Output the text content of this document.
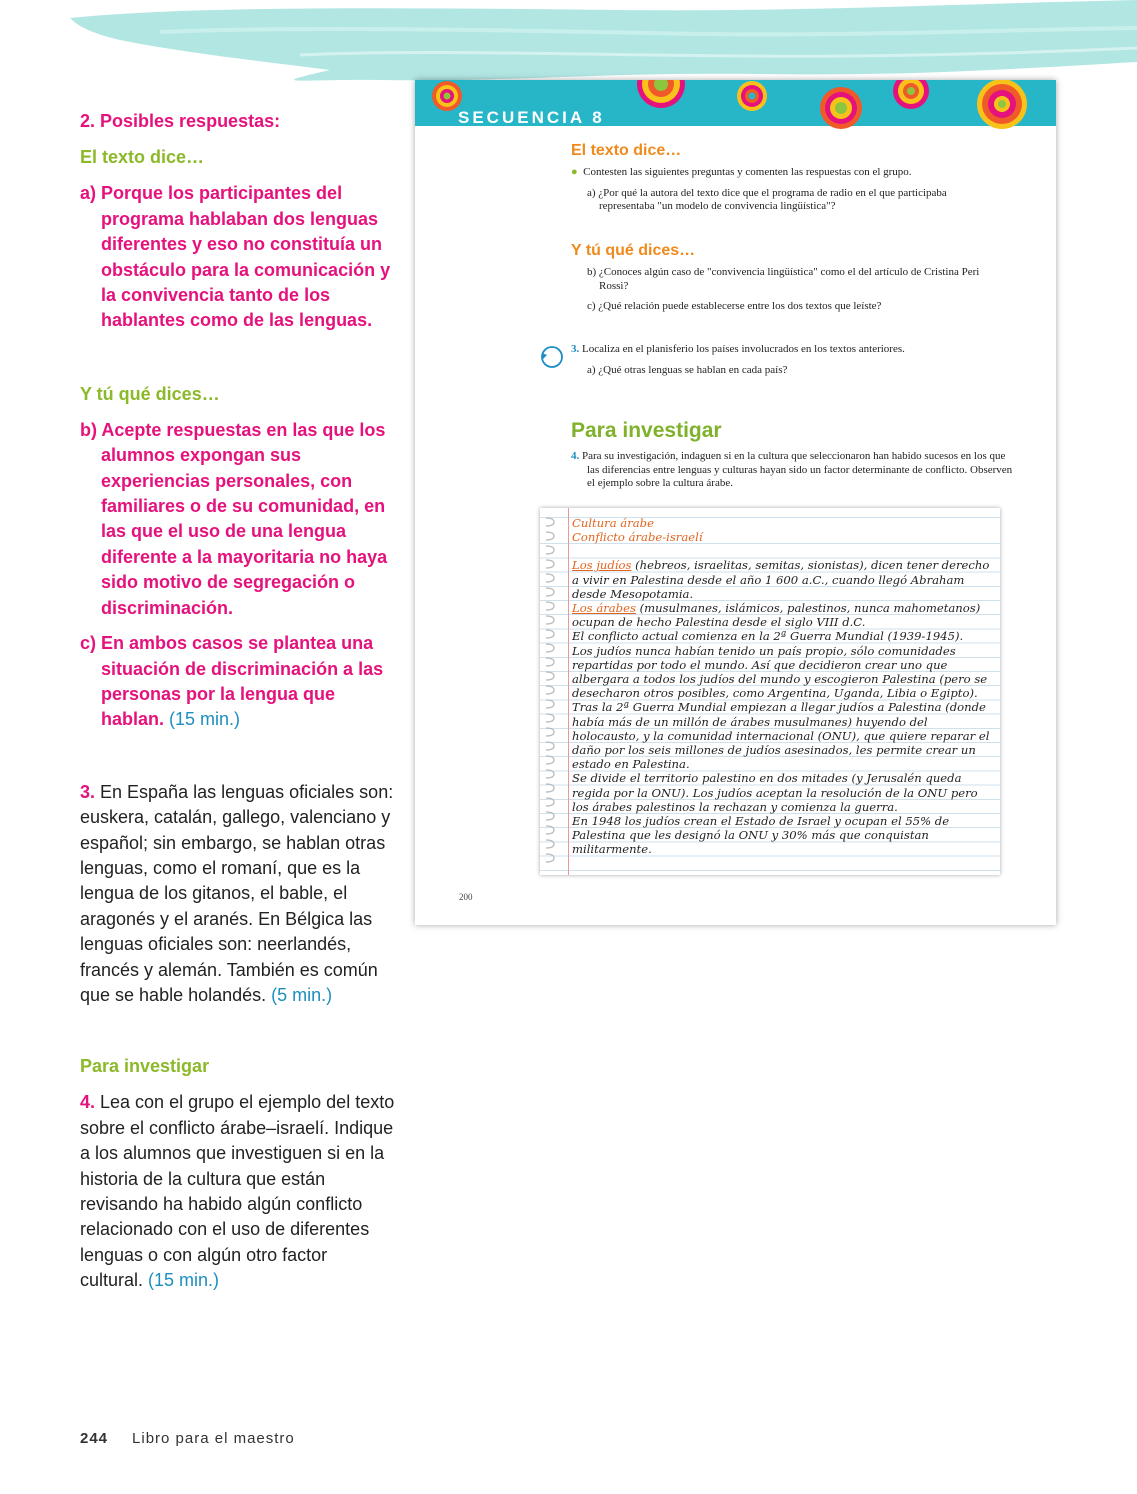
2. Posibles respuestas:

El texto dice…

a) Porque los participantes del programa hablaban dos lenguas diferentes y eso no constituía un obstáculo para la comunicación y la convivencia tanto de los hablantes como de las lenguas.

Y tú qué dices…

b) Acepte respuestas en las que los alumnos expongan sus experiencias personales, con familiares o de su comunidad, en las que el uso de una lengua diferente a la mayoritaria no haya sido motivo de segregación o discriminación.

c) En ambos casos se plantea una situación de discriminación a las personas por la lengua que hablan. (15 min.)

3. En España las lenguas oficiales son: euskera, catalán, gallego, valenciano y español; sin embargo, se hablan otras lenguas, como el romaní, que es la lengua de los gitanos, el bable, el aragonés y el aranés. En Bélgica las lenguas oficiales son: neerlandés, francés y alemán. También es común que se hable holandés. (5 min.)

Para investigar

4. Lea con el grupo el ejemplo del texto sobre el conflicto árabe–israelí. Indique a los alumnos que investiguen si en la historia de la cultura que están revisando ha habido algún conflicto relacionado con el uso de diferentes lenguas o con algún otro factor cultural. (15 min.)

244 Libro para el maestro
SECUENCIA 8

El texto dice…

● Contesten las siguientes preguntas y comenten las respuestas con el grupo.

a) ¿Por qué la autora del texto dice que el programa de radio en el que participaba representaba "un modelo de convivencia lingüística"?

Y tú qué dices…

b) ¿Conoces algún caso de "convivencia lingüística" como el del artículo de Cristina Peri Rossi?

c) ¿Qué relación puede establecerse entre los dos textos que leíste?

3. Localiza en el planisferio los países involucrados en los textos anteriores.

a) ¿Qué otras lenguas se hablan en cada país?

Para investigar

4. Para su investigación, indaguen si en la cultura que seleccionaron han habido sucesos en los que las diferencias entre lenguas y culturas hayan sido un factor determinante de conflicto. Observen el ejemplo sobre la cultura árabe.

Cultura árabe

Conflicto árabe-israelí

Los judíos (hebreos, israelitas, semitas, sionistas), dicen tener derecho a vivir en Palestina desde el año 1 600 a.C., cuando llegó Abraham desde Mesopotamia.

Los árabes (musulmanes, islámicos, palestinos, nunca mahometanos) ocupan de hecho Palestina desde el siglo VIII d.C.

El conflicto actual comienza en la 2ª Guerra Mundial (1939-1945).

Los judíos nunca habían tenido un país propio, sólo comunidades repartidas por todo el mundo. Así que decidieron crear uno que albergara a todos los judíos del mundo y escogieron Palestina (pero se desecharon otros posibles, como Argentina, Uganda, Libia o Egipto).

Tras la 2ª Guerra Mundial empiezan a llegar judíos a Palestina (donde había más de un millón de árabes musulmanes) huyendo del holocausto, y la comunidad internacional (ONU), que quiere reparar el daño por los seis millones de judíos asesinados, les permite crear un estado en Palestina.

Se divide el territorio palestino en dos mitades (y Jerusalén queda regida por la ONU). Los judíos aceptan la resolución de la ONU pero los árabes palestinos la rechazan y comienza la guerra.

En 1948 los judíos crean el Estado de Israel y ocupan el 55% de Palestina que les designó la ONU y 30% más que conquistan militarmente.

200
